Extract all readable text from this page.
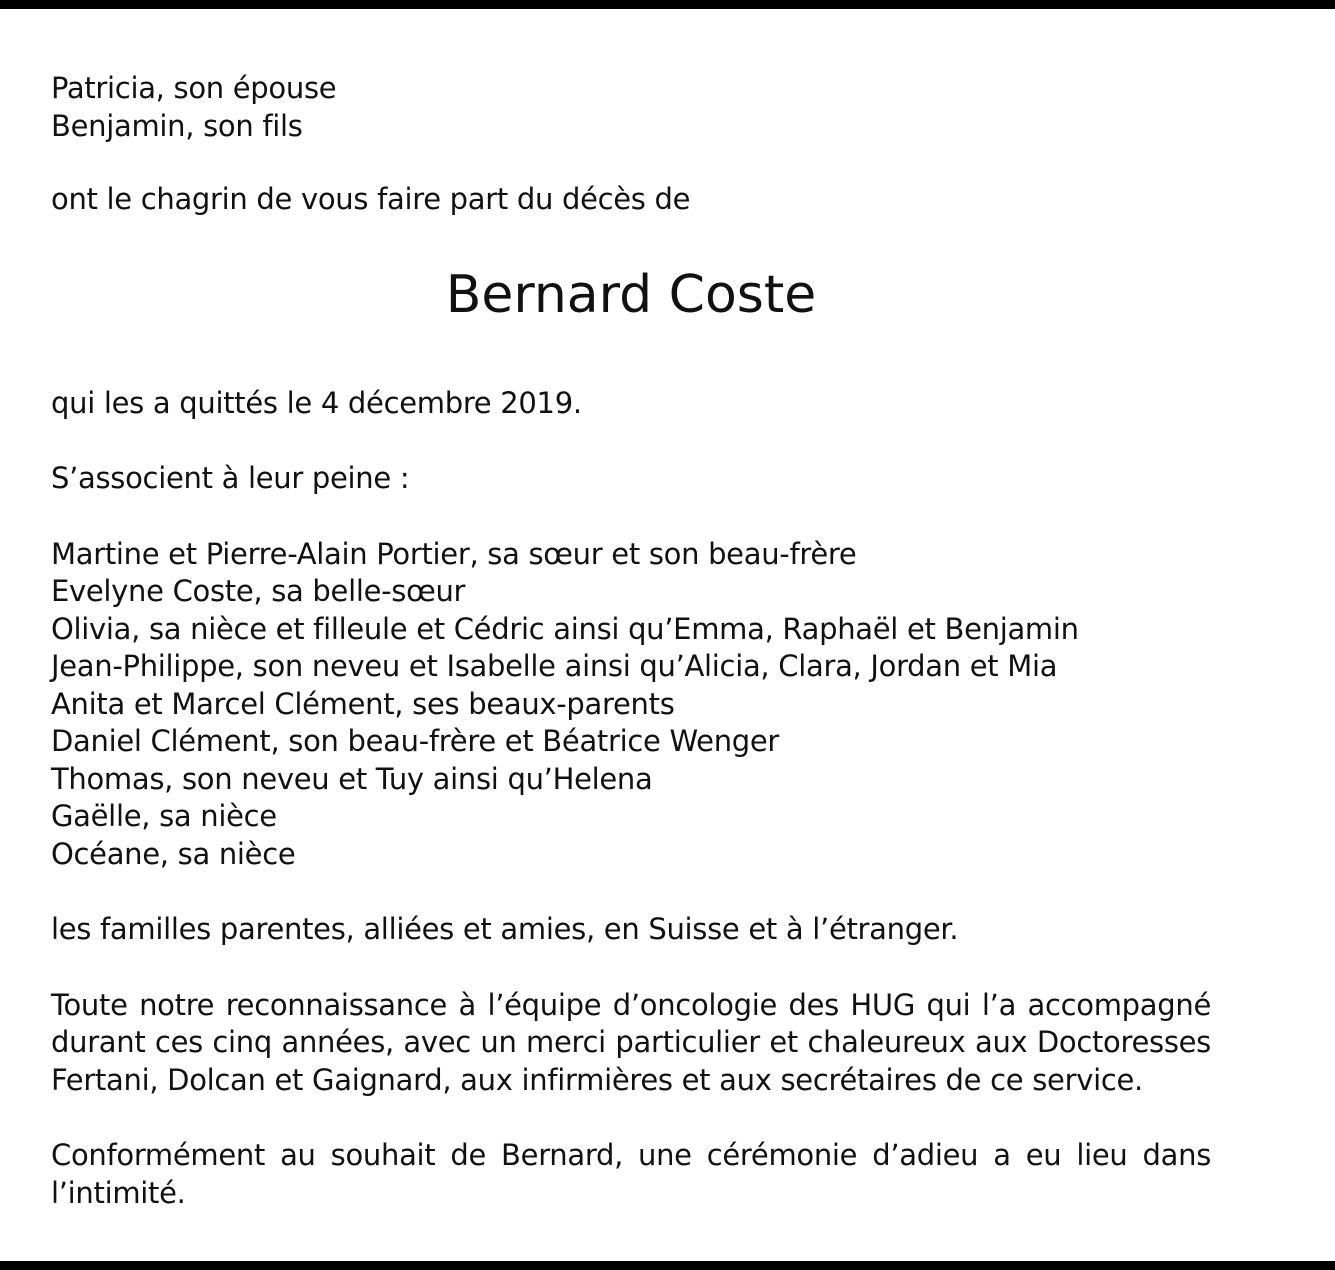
Patricia, son épouse
Benjamin, son fils
ont le chagrin de vous faire part du décès de
Bernard Coste
qui les a quittés le 4 décembre 2019.
S’associent à leur peine :
Martine et Pierre-Alain Portier, sa sœur et son beau-frère
Evelyne Coste, sa belle-sœur
Olivia, sa nièce et filleule et Cédric ainsi qu’Emma, Raphaël et Benjamin
Jean-Philippe, son neveu et Isabelle ainsi qu’Alicia, Clara, Jordan et Mia
Anita et Marcel Clément, ses beaux-parents
Daniel Clément, son beau-frère et Béatrice Wenger
Thomas, son neveu et Tuy ainsi qu’Helena
Gaëlle, sa nièce
Océane, sa nièce
les familles parentes, alliées et amies, en Suisse et à l’étranger.
Toute notre reconnaissance à l’équipe d’oncologie des HUG qui l’a accompagné
durant ces cinq années, avec un merci particulier et chaleureux aux Doctoresses
Fertani, Dolcan et Gaignard, aux infirmières et aux secrétaires de ce service.
Conformément au souhait de Bernard, une cérémonie d’adieu a eu lieu dans
l’intimité.
